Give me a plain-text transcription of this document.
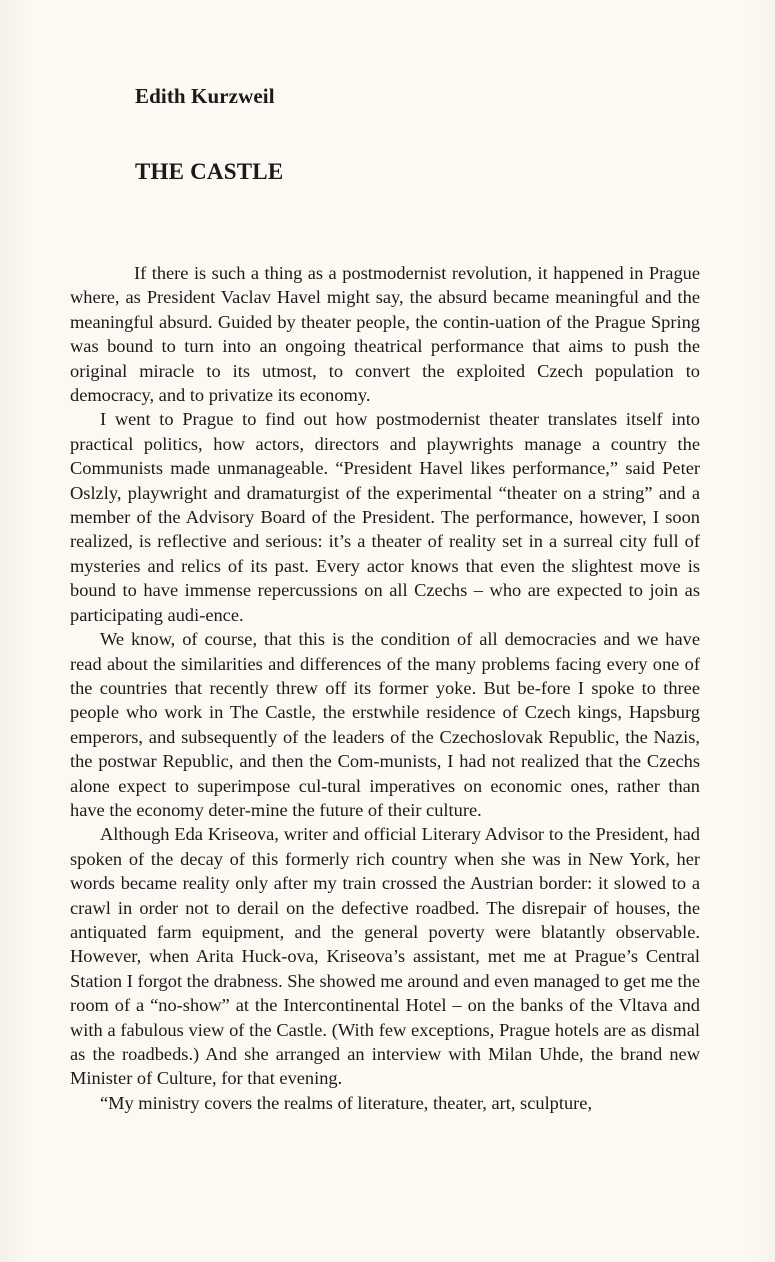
Edith Kurzweil
THE CASTLE

If there is such a thing as a postmodernist revolution, it happened in Prague where, as President Vaclav Havel might say, the absurd became meaningful and the meaningful absurd. Guided by theater people, the contin-uation of the Prague Spring was bound to turn into an ongoing theatrical performance that aims to push the original miracle to its utmost, to convert the exploited Czech population to democracy, and to privatize its economy.

I went to Prague to find out how postmodernist theater translates itself into practical politics, how actors, directors and playwrights manage a country the Communists made unmanageable. “President Havel likes performance,” said Peter Oslzly, playwright and dramaturgist of the experimental “theater on a string” and a member of the Advisory Board of the President. The performance, however, I soon realized, is reflective and serious: it’s a theater of reality set in a surreal city full of mysteries and relics of its past. Every actor knows that even the slightest move is bound to have immense repercussions on all Czechs – who are expected to join as participating audi-ence.

We know, of course, that this is the condition of all democracies and we have read about the similarities and differences of the many problems facing every one of the countries that recently threw off its former yoke. But be-fore I spoke to three people who work in The Castle, the erstwhile residence of Czech kings, Hapsburg emperors, and subsequently of the leaders of the Czechoslovak Republic, the Nazis, the postwar Republic, and then the Com-munists, I had not realized that the Czechs alone expect to superimpose cul-tural imperatives on economic ones, rather than have the economy deter-mine the future of their culture.

Although Eda Kriseova, writer and official Literary Advisor to the President, had spoken of the decay of this formerly rich country when she was in New York, her words became reality only after my train crossed the Austrian border: it slowed to a crawl in order not to derail on the defective roadbed. The disrepair of houses, the antiquated farm equipment, and the general poverty were blatantly observable. However, when Arita Huck-ova, Kriseova’s assistant, met me at Prague’s Central Station I forgot the drabness. She showed me around and even managed to get me the room of a “no-show” at the Intercontinental Hotel – on the banks of the Vltava and with a fabulous view of the Castle. (With few exceptions, Prague hotels are as dismal as the roadbeds.) And she arranged an interview with Milan Uhde, the brand new Minister of Culture, for that evening.

“My ministry covers the realms of literature, theater, art, sculpture,
